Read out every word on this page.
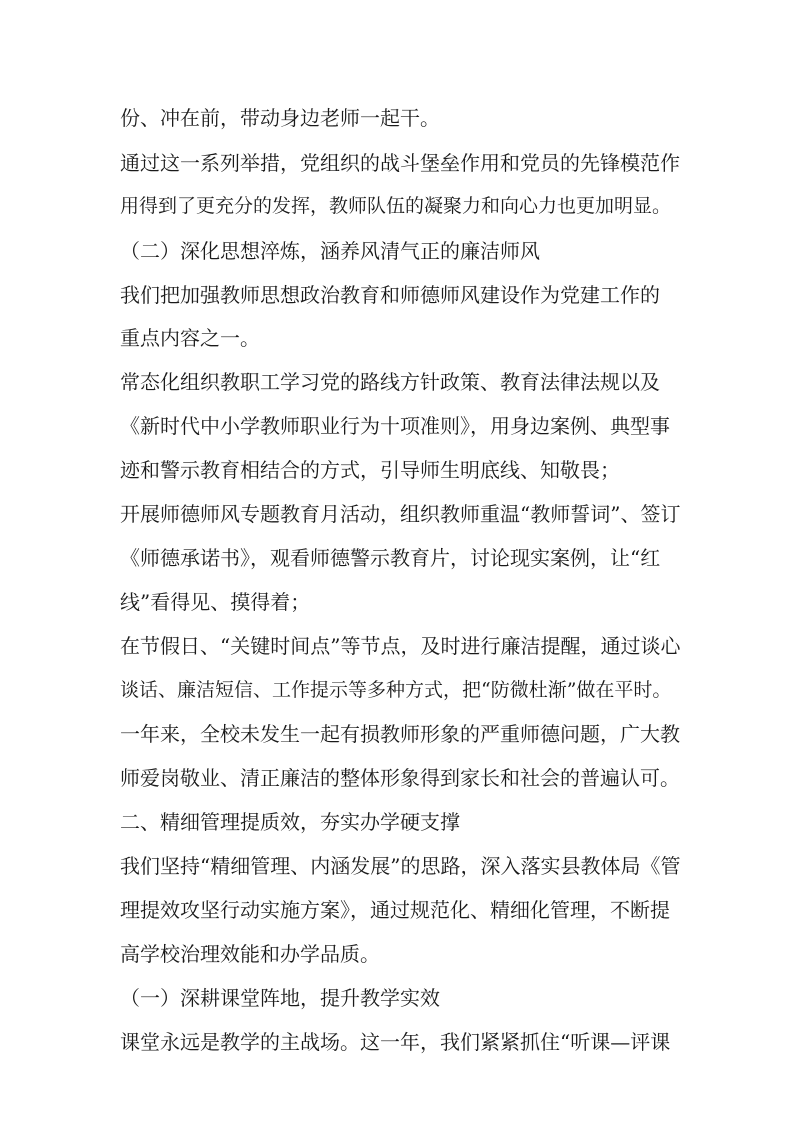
份、冲在前，带动身边老师一起干。
通过这一系列举措，党组织的战斗堡垒作用和党员的先锋模范作
用得到了更充分的发挥，教师队伍的凝聚力和向心力也更加明显。
（二）深化思想淬炼，涵养风清气正的廉洁师风
我们把加强教师思想政治教育和师德师风建设作为党建工作的
重点内容之一。
常态化组织教职工学习党的路线方针政策、教育法律法规以及
《新时代中小学教师职业行为十项准则》，用身边案例、典型事
迹和警示教育相结合的方式，引导师生明底线、知敬畏；
开展师德师风专题教育月活动，组织教师重温“教师誓词”、签订
《师德承诺书》，观看师德警示教育片，讨论现实案例，让“红
线”看得见、摸得着；
在节假日、“关键时间点”等节点，及时进行廉洁提醒，通过谈心
谈话、廉洁短信、工作提示等多种方式，把“防微杜渐”做在平时。
一年来，全校未发生一起有损教师形象的严重师德问题，广大教
师爱岗敬业、清正廉洁的整体形象得到家长和社会的普遍认可。
二、精细管理提质效，夯实办学硬支撑
我们坚持“精细管理、内涵发展”的思路，深入落实县教体局《管
理提效攻坚行动实施方案》，通过规范化、精细化管理，不断提
高学校治理效能和办学品质。
（一）深耕课堂阵地，提升教学实效
课堂永远是教学的主战场。这一年，我们紧紧抓住“听课—评课
